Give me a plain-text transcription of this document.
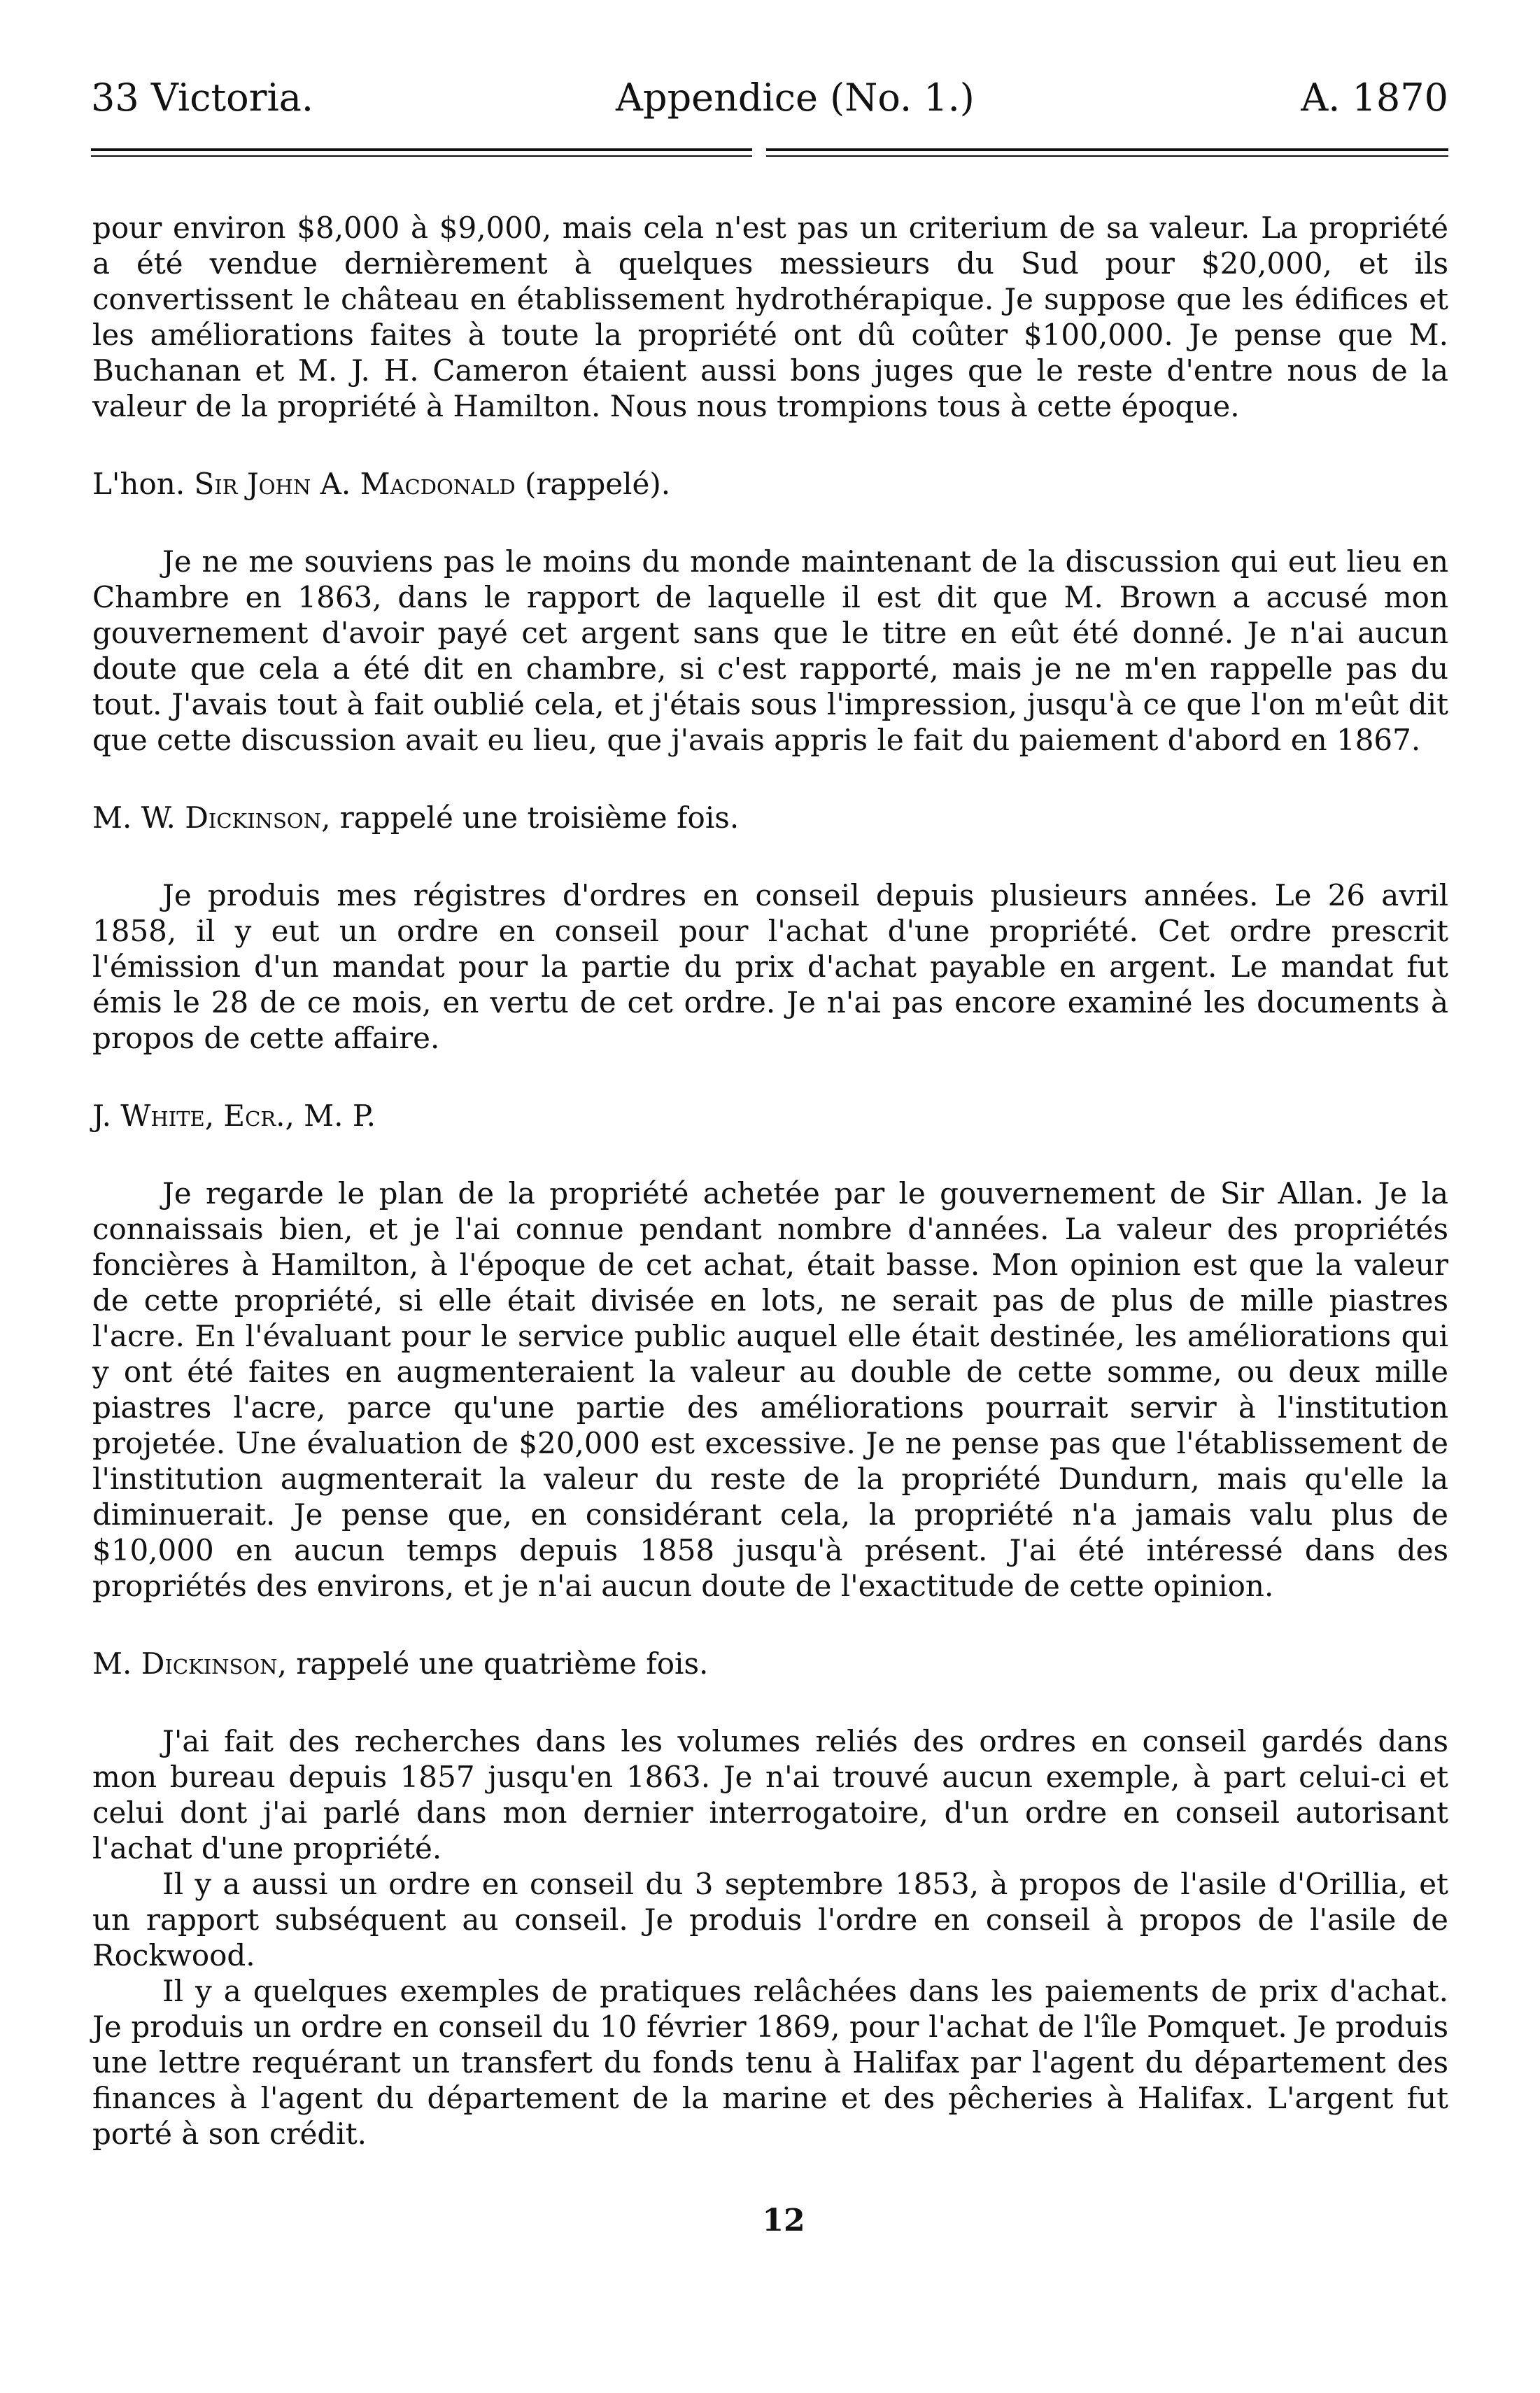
33 Victoria.	Appendice (No. 1.)	A. 1870

pour environ $8,000 à $9,000, mais cela n'est pas un criterium de sa valeur. La propriété a été vendue dernièrement à quelques messieurs du Sud pour $20,000, et ils convertissent le château en établissement hydrothérapique. Je suppose que les édifices et les améliorations faites à toute la propriété ont dû coûter $100,000. Je pense que M. Buchanan et M. J. H. Cameron étaient aussi bons juges que le reste d'entre nous de la valeur de la propriété à Hamilton. Nous nous trompions tous à cette époque.

L'hon. Sir John A. Macdonald (rappelé).

Je ne me souviens pas le moins du monde maintenant de la discussion qui eut lieu en Chambre en 1863, dans le rapport de laquelle il est dit que M. Brown a accusé mon gouvernement d'avoir payé cet argent sans que le titre en eût été donné. Je n'ai aucun doute que cela a été dit en chambre, si c'est rapporté, mais je ne m'en rappelle pas du tout. J'avais tout à fait oublié cela, et j'étais sous l'impression, jusqu'à ce que l'on m'eût dit que cette discussion avait eu lieu, que j'avais appris le fait du paiement d'abord en 1867.

M. W. Dickinson, rappelé une troisième fois.

Je produis mes régistres d'ordres en conseil depuis plusieurs années. Le 26 avril 1858, il y eut un ordre en conseil pour l'achat d'une propriété. Cet ordre prescrit l'émission d'un mandat pour la partie du prix d'achat payable en argent. Le mandat fut émis le 28 de ce mois, en vertu de cet ordre. Je n'ai pas encore examiné les documents à propos de cette affaire.

J. White, Ecr., M. P.

Je regarde le plan de la propriété achetée par le gouvernement de Sir Allan. Je la connaissais bien, et je l'ai connue pendant nombre d'années. La valeur des propriétés foncières à Hamilton, à l'époque de cet achat, était basse. Mon opinion est que la valeur de cette propriété, si elle était divisée en lots, ne serait pas de plus de mille piastres l'acre. En l'évaluant pour le service public auquel elle était destinée, les améliorations qui y ont été faites en augmenteraient la valeur au double de cette somme, ou deux mille piastres l'acre, parce qu'une partie des améliorations pourrait servir à l'institution projetée. Une évaluation de $20,000 est excessive. Je ne pense pas que l'établissement de l'institution augmenterait la valeur du reste de la propriété Dundurn, mais qu'elle la diminuerait. Je pense que, en considérant cela, la propriété n'a jamais valu plus de $10,000 en aucun temps depuis 1858 jusqu'à présent. J'ai été intéressé dans des propriétés des environs, et je n'ai aucun doute de l'exactitude de cette opinion.

M. Dickinson, rappelé une quatrième fois.

J'ai fait des recherches dans les volumes reliés des ordres en conseil gardés dans mon bureau depuis 1857 jusqu'en 1863. Je n'ai trouvé aucun exemple, à part celui-ci et celui dont j'ai parlé dans mon dernier interrogatoire, d'un ordre en conseil autorisant l'achat d'une propriété.

Il y a aussi un ordre en conseil du 3 septembre 1853, à propos de l'asile d'Orillia, et un rapport subséquent au conseil. Je produis l'ordre en conseil à propos de l'asile de Rockwood.

Il y a quelques exemples de pratiques relâchées dans les paiements de prix d'achat. Je produis un ordre en conseil du 10 février 1869, pour l'achat de l'île Pomquet. Je produis une lettre requérant un transfert du fonds tenu à Halifax par l'agent du département des finances à l'agent du département de la marine et des pêcheries à Halifax. L'argent fut porté à son crédit.

12
